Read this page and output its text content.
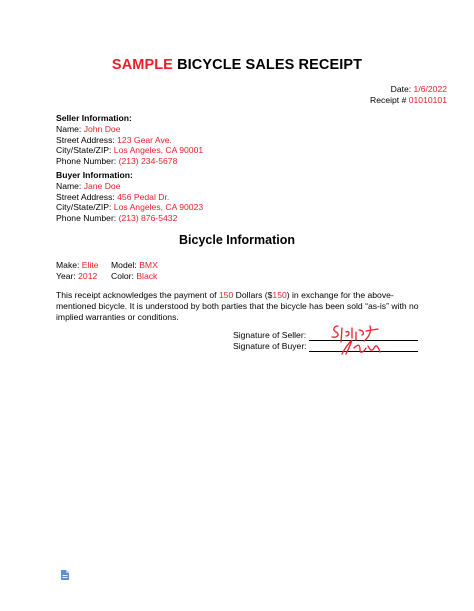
SAMPLE BICYCLE SALES RECEIPT
Date: 1/6/2022
Receipt # 01010101
Seller Information:
Name: John Doe
Street Address: 123 Gear Ave.
City/State/ZIP: Los Angeles, CA 90001
Phone Number: (213) 234-5678
Buyer Information:
Name: Jane Doe
Street Address: 456 Pedal Dr.
City/State/ZIP: Los Angeles, CA 90023
Phone Number: (213) 876-5432
Bicycle Information
Make: Elite	Model: BMX
Year: 2012	Color: Black
This receipt acknowledges the payment of 150 Dollars ($150) in exchange for the above-mentioned bicycle. It is understood by both parties that the bicycle has been sold “as-is” with no implied warranties or conditions.
Signature of Seller:
Signature of Buyer:
